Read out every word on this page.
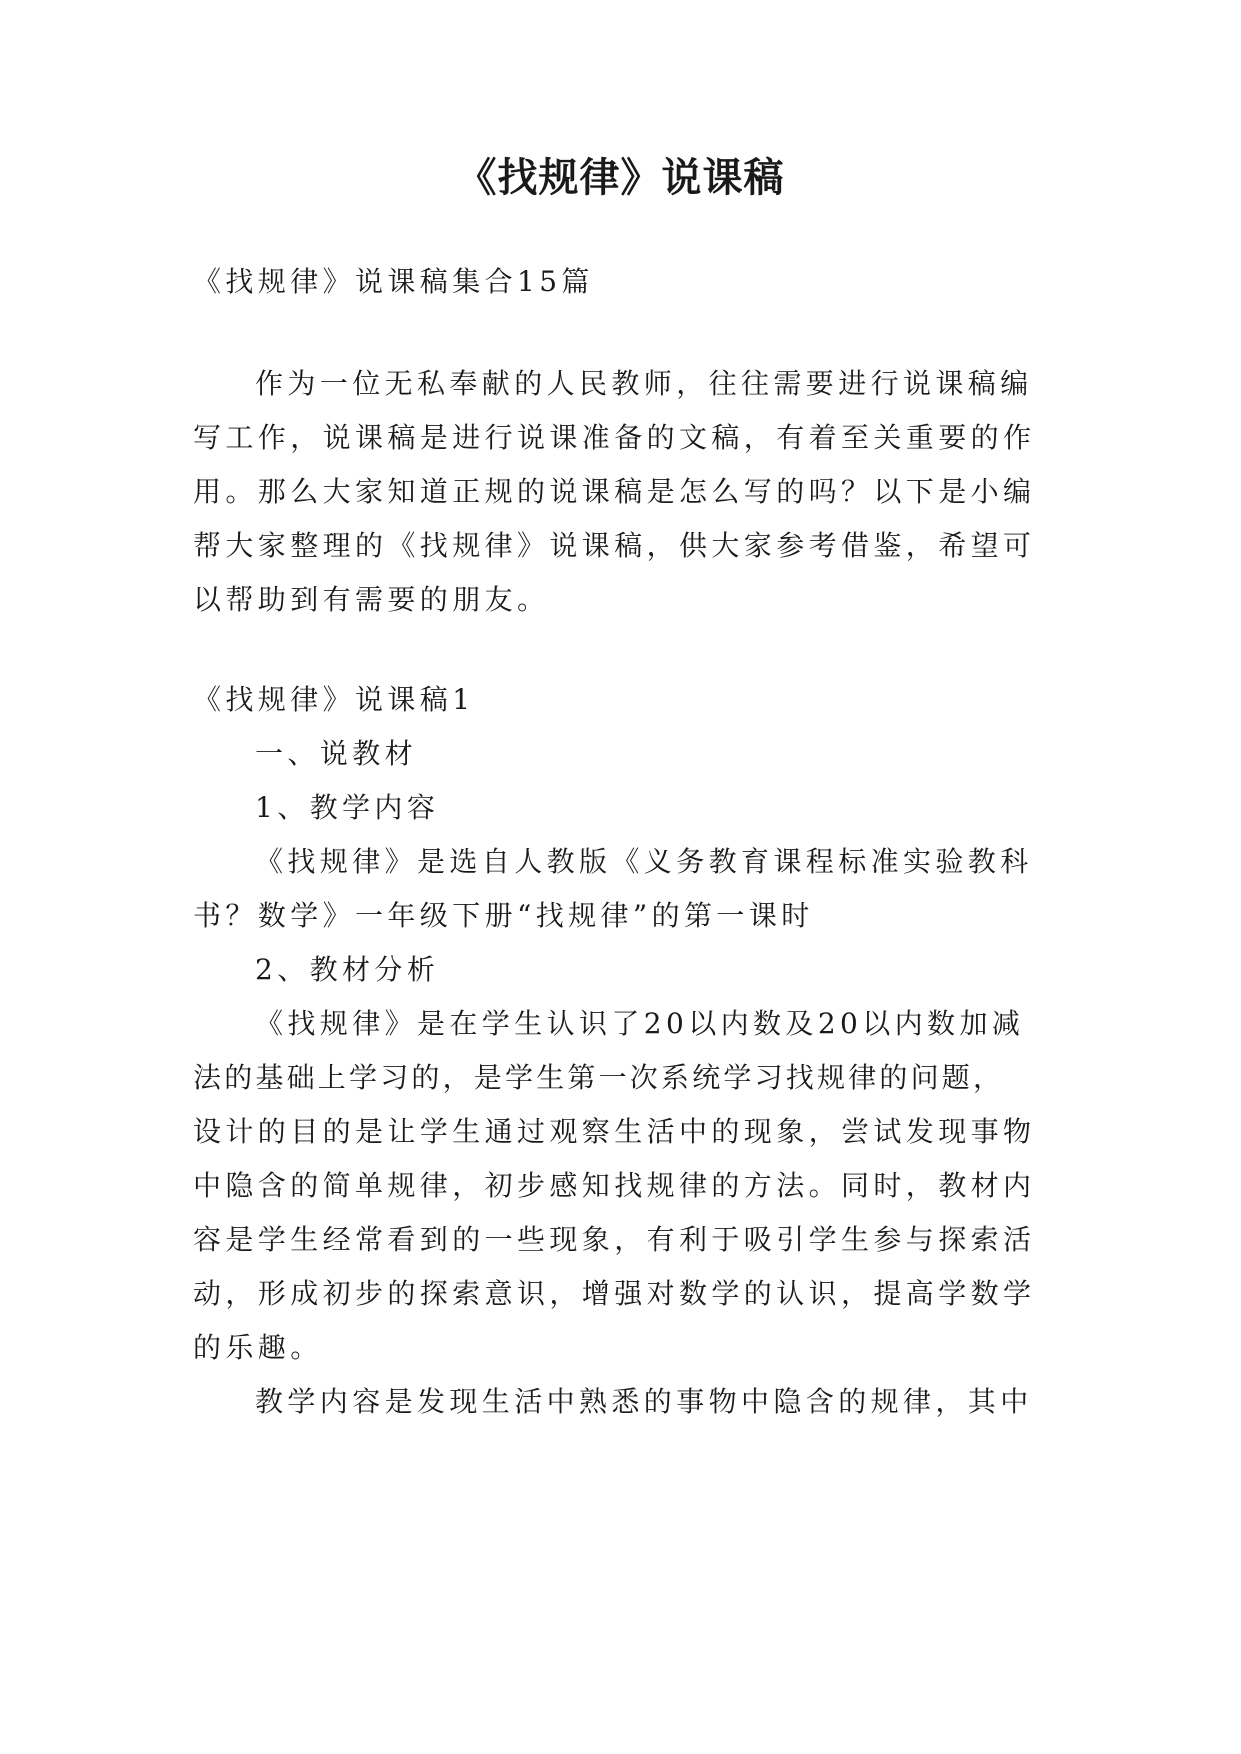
《找规律》说课稿
《找规律》说课稿集合15篇
作为一位无私奉献的人民教师，往往需要进行说课稿编
写工作，说课稿是进行说课准备的文稿，有着至关重要的作
用。那么大家知道正规的说课稿是怎么写的吗？以下是小编
帮大家整理的《找规律》说课稿，供大家参考借鉴，希望可
以帮助到有需要的朋友。
《找规律》说课稿1
一、说教材
1、教学内容
《找规律》是选自人教版《义务教育课程标准实验教科
书？数学》一年级下册“找规律”的第一课时
2、教材分析
《找规律》是在学生认识了20以内数及20以内数加减
法的基础上学习的，是学生第一次系统学习找规律的问题，
设计的目的是让学生通过观察生活中的现象，尝试发现事物
中隐含的简单规律，初步感知找规律的方法。同时，教材内
容是学生经常看到的一些现象，有利于吸引学生参与探索活
动，形成初步的探索意识，增强对数学的认识，提高学数学
的乐趣。
教学内容是发现生活中熟悉的事物中隐含的规律，其中
